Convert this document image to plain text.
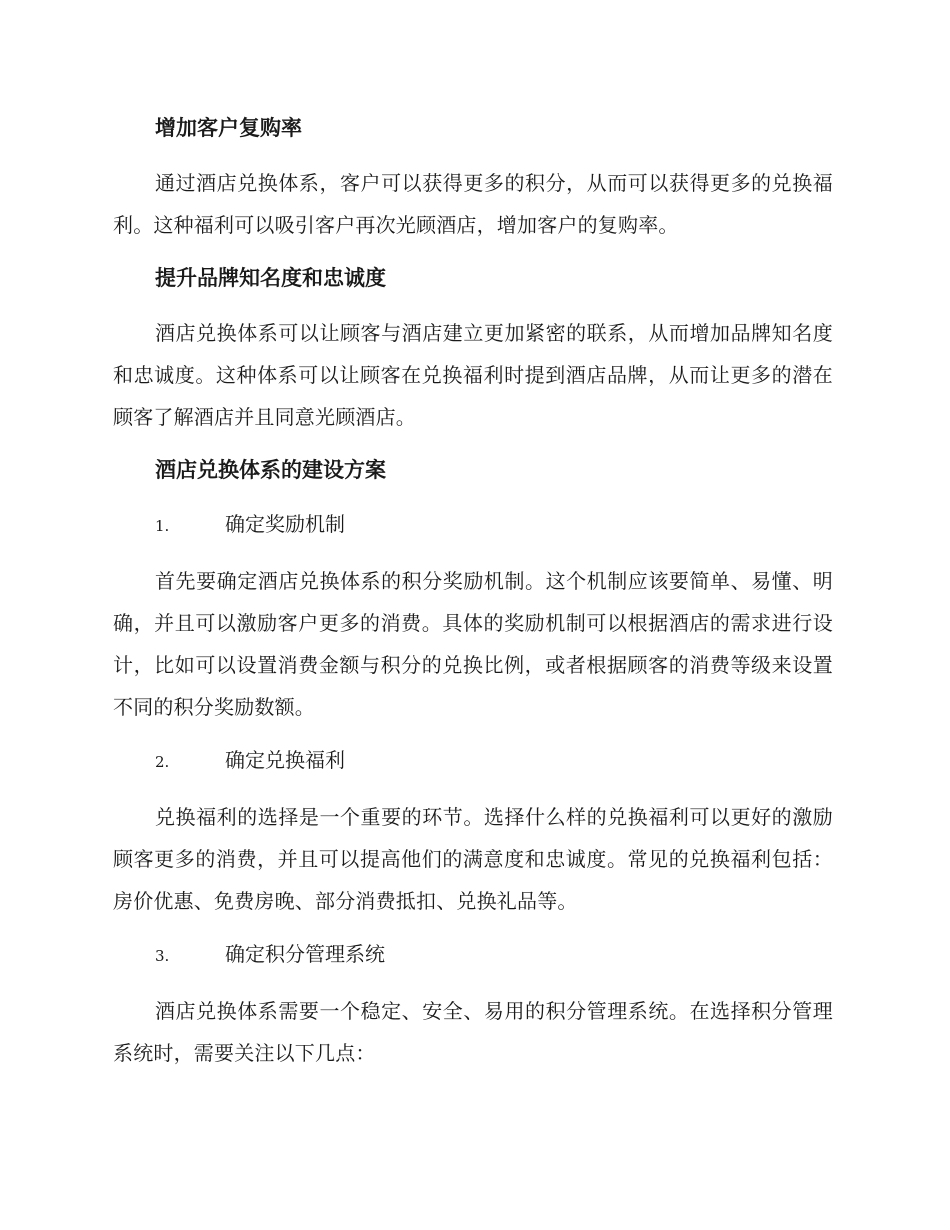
增加客户复购率

通过酒店兑换体系，客户可以获得更多的积分，从而可以获得更多的兑换福利。这种福利可以吸引客户再次光顾酒店，增加客户的复购率。

提升品牌知名度和忠诚度

酒店兑换体系可以让顾客与酒店建立更加紧密的联系，从而增加品牌知名度和忠诚度。这种体系可以让顾客在兑换福利时提到酒店品牌，从而让更多的潜在顾客了解酒店并且同意光顾酒店。

酒店兑换体系的建设方案
1.	确定奖励机制

首先要确定酒店兑换体系的积分奖励机制。这个机制应该要简单、易懂、明确，并且可以激励客户更多的消费。具体的奖励机制可以根据酒店的需求进行设计，比如可以设置消费金额与积分的兑换比例，或者根据顾客的消费等级来设置不同的积分奖励数额。

2.	确定兑换福利

兑换福利的选择是一个重要的环节。选择什么样的兑换福利可以更好的激励顾客更多的消费，并且可以提高他们的满意度和忠诚度。常见的兑换福利包括：房价优惠、免费房晚、部分消费抵扣、兑换礼品等。

3.	确定积分管理系统

酒店兑换体系需要一个稳定、安全、易用的积分管理系统。在选择积分管理系统时，需要关注以下几点：
